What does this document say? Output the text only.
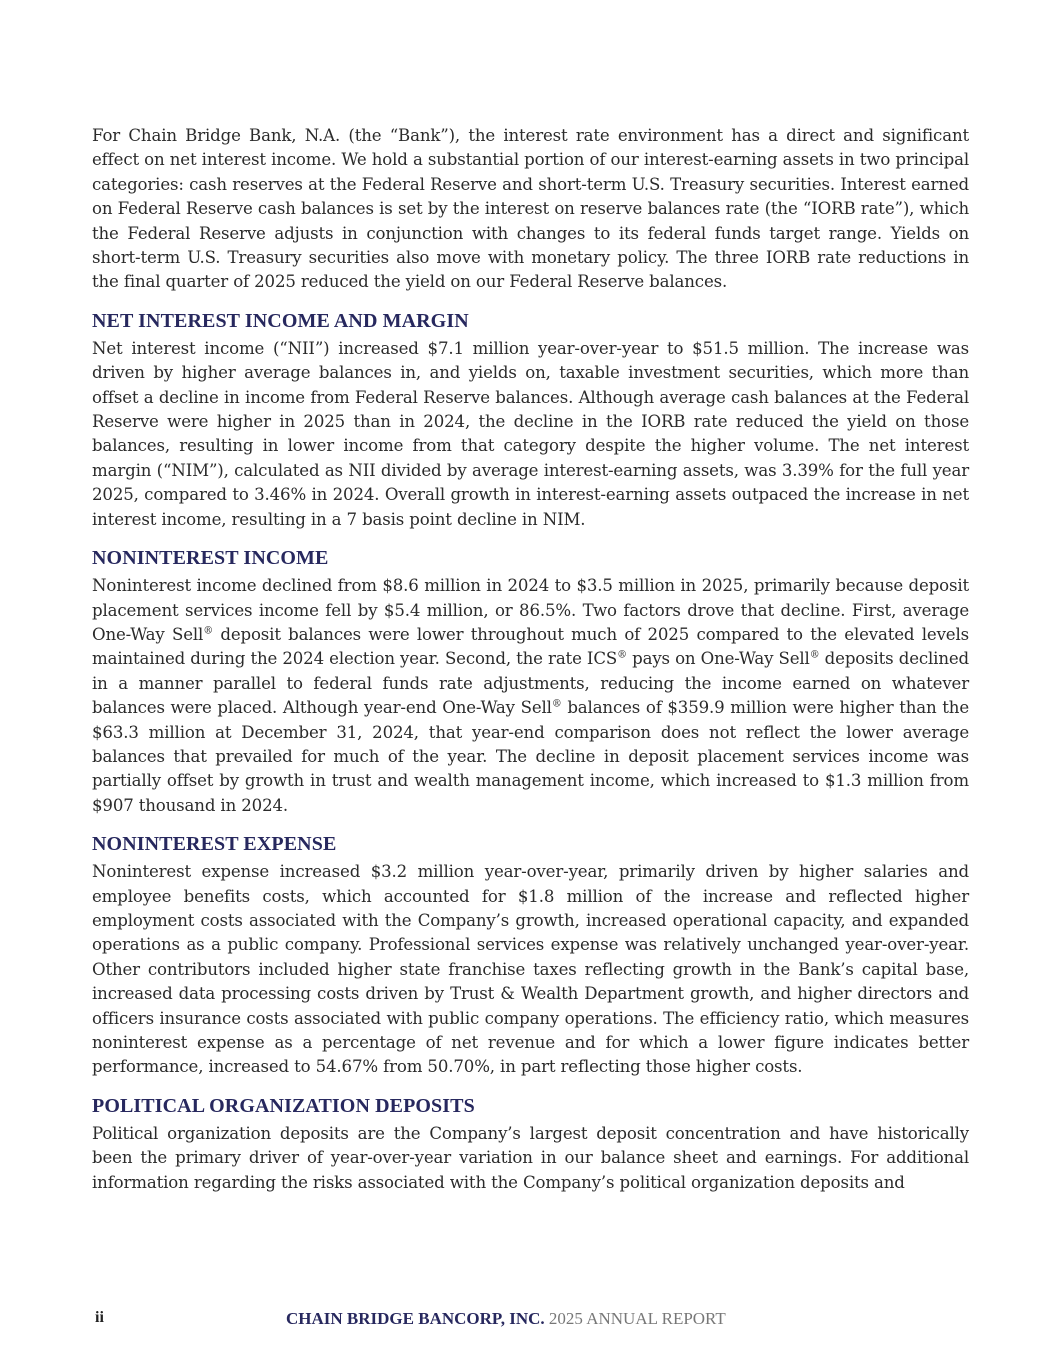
For Chain Bridge Bank, N.A. (the “Bank”), the interest rate environment has a direct and significant effect on net interest income. We hold a substantial portion of our interest-earning assets in two principal categories: cash reserves at the Federal Reserve and short-term U.S. Treasury securities. Interest earned on Federal Reserve cash balances is set by the interest on reserve balances rate (the “IORB rate”), which the Federal Reserve adjusts in conjunction with changes to its federal funds target range. Yields on short-term U.S. Treasury securities also move with monetary policy. The three IORB rate reductions in the final quarter of 2025 reduced the yield on our Federal Reserve balances.

NET INTEREST INCOME AND MARGIN

Net interest income (“NII”) increased $7.1 million year-over-year to $51.5 million. The increase was driven by higher average balances in, and yields on, taxable investment securities, which more than offset a decline in income from Federal Reserve balances. Although average cash balances at the Federal Reserve were higher in 2025 than in 2024, the decline in the IORB rate reduced the yield on those balances, resulting in lower income from that category despite the higher volume. The net interest margin (“NIM”), calculated as NII divided by average interest-earning assets, was 3.39% for the full year 2025, compared to 3.46% in 2024. Overall growth in interest-earning assets outpaced the increase in net interest income, resulting in a 7 basis point decline in NIM.

NONINTEREST INCOME

Noninterest income declined from $8.6 million in 2024 to $3.5 million in 2025, primarily because deposit placement services income fell by $5.4 million, or 86.5%. Two factors drove that decline. First, average One-Way Sell® deposit balances were lower throughout much of 2025 compared to the elevated levels maintained during the 2024 election year. Second, the rate ICS® pays on One-Way Sell® deposits declined in a manner parallel to federal funds rate adjustments, reducing the income earned on whatever balances were placed. Although year-end One-Way Sell® balances of $359.9 million were higher than the $63.3 million at December 31, 2024, that year-end comparison does not reflect the lower average balances that prevailed for much of the year. The decline in deposit placement services income was partially offset by growth in trust and wealth management income, which increased to $1.3 million from $907 thousand in 2024.

NONINTEREST EXPENSE

Noninterest expense increased $3.2 million year-over-year, primarily driven by higher salaries and employee benefits costs, which accounted for $1.8 million of the increase and reflected higher employment costs associated with the Company’s growth, increased operational capacity, and expanded operations as a public company. Professional services expense was relatively unchanged year-over-year. Other contributors included higher state franchise taxes reflecting growth in the Bank’s capital base, increased data processing costs driven by Trust & Wealth Department growth, and higher directors and officers insurance costs associated with public company operations. The efficiency ratio, which measures noninterest expense as a percentage of net revenue and for which a lower figure indicates better performance, increased to 54.67% from 50.70%, in part reflecting those higher costs.

POLITICAL ORGANIZATION DEPOSITS

Political organization deposits are the Company’s largest deposit concentration and have historically been the primary driver of year-over-year variation in our balance sheet and earnings. For additional information regarding the risks associated with the Company’s political organization deposits and

ii	CHAIN BRIDGE BANCORP, INC. 2025 ANNUAL REPORT
